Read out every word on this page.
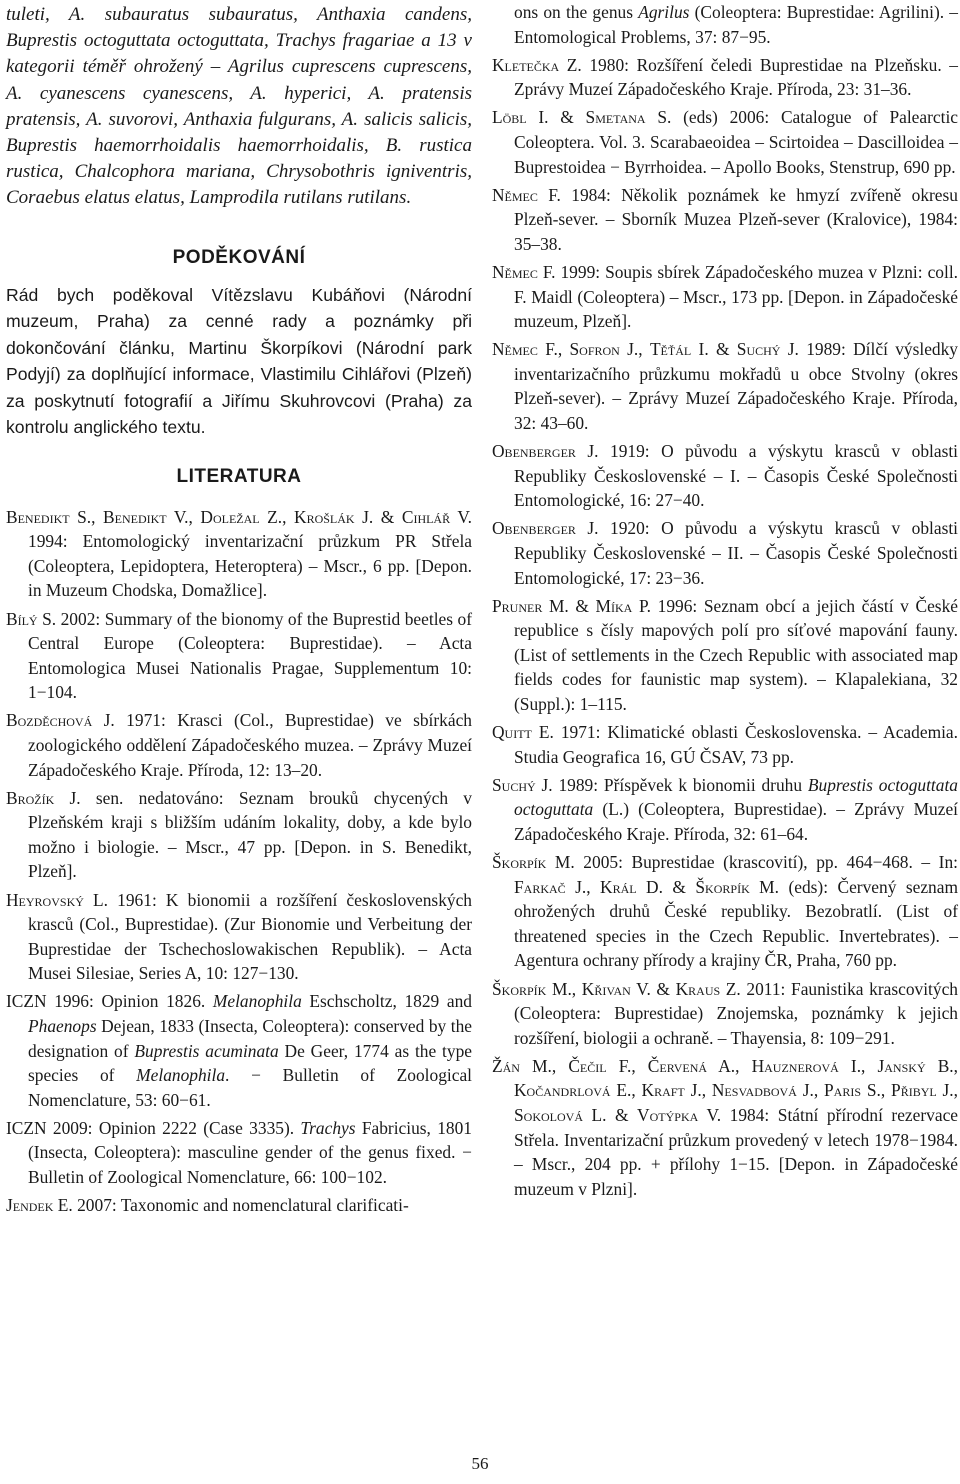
tuleti, A. subauratus subauratus, Anthaxia candens, Buprestis octoguttata octoguttata, Trachys fragariae a 13 v kategorii téměř ohrožený – Agrilus cuprescens cuprescens, A. cyanescens cyanescens, A. hyperici, A. pratensis pratensis, A. suvorovi, Anthaxia fulgurans, A. salicis salicis, Buprestis haemorrhoidalis haemorrhoidalis, B. rustica rustica, Chalcophora mariana, Chrysobothris igniventris, Coraebus elatus elatus, Lamprodila rutilans rutilans.

PODĚKOVÁNÍ

Rád bych poděkoval Vítězslavu Kubáňovi (Národní muzeum, Praha) za cenné rady a poznámky při dokončování článku, Martinu Škorpíkovi (Národní park Podyjí) za doplňující informace, Vlastimilu Cihlářovi (Plzeň) za poskytnutí fotografií a Jiřímu Skuhrovcovi (Praha) za kontrolu anglického textu.

LITERATURA

Benedikt S., Benedikt V., Doležal Z., Krošlák J. & Cihlář V. 1994: Entomologický inventarizační průzkum PR Střela (Coleoptera, Lepidoptera, Heteroptera) – Mscr., 6 pp. [Depon. in Muzeum Chodska, Domažlice].

Bílý S. 2002: Summary of the bionomy of the Buprestid beetles of Central Europe (Coleoptera: Buprestidae). – Acta Entomologica Musei Nationalis Pragae, Supplementum 10: 1−104.

Bozděchová J. 1971: Krasci (Col., Buprestidae) ve sbírkách zoologického oddělení Západočeského muzea. – Zprávy Muzeí Západočeského Kraje. Příroda, 12: 13–20.

Brožík J. sen. nedatováno: Seznam brouků chycených v Plzeňském kraji s bližším udáním lokality, doby, a kde bylo možno i biologie. – Mscr., 47 pp. [Depon. in S. Benedikt, Plzeň].

Heyrovský L. 1961: K bionomii a rozšíření československých krasců (Col., Buprestidae). (Zur Bionomie und Verbeitung der Buprestidae der Tschechoslowakischen Republik). – Acta Musei Silesiae, Series A, 10: 127−130.

ICZN 1996: Opinion 1826. Melanophila Eschscholtz, 1829 and Phaenops Dejean, 1833 (Insecta, Coleoptera): conserved by the designation of Buprestis acuminata De Geer, 1774 as the type species of Melanophila. − Bulletin of Zoological Nomenclature, 53: 60−61.

ICZN 2009: Opinion 2222 (Case 3335). Trachys Fabricius, 1801 (Insecta, Coleoptera): masculine gender of the genus fixed. − Bulletin of Zoological Nomenclature, 66: 100−102.

Jendek E. 2007: Taxonomic and nomenclatural clarificati-

ons on the genus Agrilus (Coleoptera: Buprestidae: Agrilini). – Entomological Problems, 37: 87−95.

Kletečka Z. 1980: Rozšíření čeledi Buprestidae na Plzeňsku. – Zprávy Muzeí Západočeského Kraje. Příroda, 23: 31–36.

Löbl I. & Smetana S. (eds) 2006: Catalogue of Palearctic Coleoptera. Vol. 3. Scarabaeoidea – Scirtoidea – Dascilloidea – Buprestoidea − Byrrhoidea. – Apollo Books, Stenstrup, 690 pp.

Němec F. 1984: Několik poznámek ke hmyzí zvířeně okresu Plzeň-sever. – Sborník Muzea Plzeň-sever (Kralovice), 1984: 35–38.

Němec F. 1999: Soupis sbírek Západočeského muzea v Plzni: coll. F. Maidl (Coleoptera) – Mscr., 173 pp. [Depon. in Západočeské muzeum, Plzeň].

Němec F., Sofron J., Těťál I. & Suchý J. 1989: Dílčí výsledky inventarizačního průzkumu mokřadů u obce Stvolny (okres Plzeň-sever). – Zprávy Muzeí Západočeského Kraje. Příroda, 32: 43–60.

Obenberger J. 1919: O původu a výskytu krasců v oblasti Republiky Československé – I. – Časopis České Společnosti Entomologické, 16: 27−40.

Obenberger J. 1920: O původu a výskytu krasců v oblasti Republiky Československé – II. – Časopis České Společnosti Entomologické, 17: 23−36.

Pruner M. & Míka P. 1996: Seznam obcí a jejich částí v České republice s čísly mapových polí pro síťové mapování fauny. (List of settlements in the Czech Republic with associated map fields codes for faunistic map system). – Klapalekiana, 32 (Suppl.): 1–115.

Quitt E. 1971: Klimatické oblasti Československa. – Academia. Studia Geografica 16, GÚ ČSAV, 73 pp.

Suchý J. 1989: Příspěvek k bionomii druhu Buprestis octoguttata octoguttata (L.) (Coleoptera, Buprestidae). – Zprávy Muzeí Západočeského Kraje. Příroda, 32: 61–64.

Škorpík M. 2005: Buprestidae (krascovití), pp. 464−468. – In: Farkač J., Král D. & Škorpík M. (eds): Červený seznam ohrožených druhů České republiky. Bezobratlí. (List of threatened species in the Czech Republic. Invertebrates). – Agentura ochrany přírody a krajiny ČR, Praha, 760 pp.

Škorpík M., Křivan V. & Kraus Z. 2011: Faunistika krascovitých (Coleoptera: Buprestidae) Znojemska, poznámky k jejich rozšíření, biologii a ochraně. – Thayensia, 8: 109−291.

Žán M., Čečil F., Červená A., Hauznerová I., Janský B., Kočandrlová E., Kraft J., Nesvadbová J., Paris S., Přibyl J., Sokolová L. & Votýpka V. 1984: Státní přírodní rezervace Střela. Inventarizační průzkum provedený v letech 1978−1984. – Mscr., 204 pp. + přílohy 1−15. [Depon. in Západočeské muzeum v Plzni].

56
